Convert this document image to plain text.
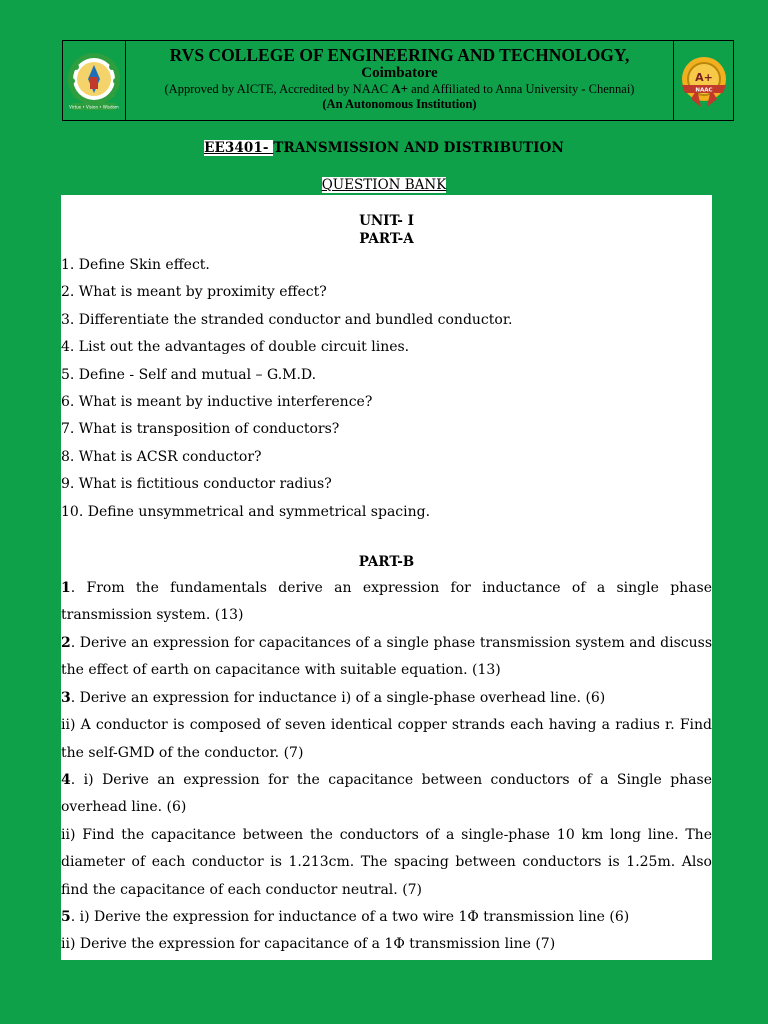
Virtue • Vision • Wisdom
RVS COLLEGE OF ENGINEERING AND TECHNOLOGY,
Coimbatore
(Approved by AICTE, Accredited by NAAC A+ and Affiliated to Anna University - Chennai)
(An Autonomous Institution)
A+
NAAC
EE3401- TRANSMISSION AND DISTRIBUTION
QUESTION BANK
UNIT- I
PART-A
1. Define Skin effect.
2. What is meant by proximity effect?
3. Differentiate the stranded conductor and bundled conductor.
4. List out the advantages of double circuit lines.
5. Define - Self and mutual – G.M.D.
6. What is meant by inductive interference?
7. What is transposition of conductors?
8. What is ACSR conductor?
9. What is fictitious conductor radius?
10. Define unsymmetrical and symmetrical spacing.
PART-B
1. From the fundamentals derive an expression for inductance of a single phase transmission system. (13)
2. Derive an expression for capacitances of a single phase transmission system and discuss the effect of earth on capacitance with suitable equation. (13)
3. Derive an expression for inductance i) of a single-phase overhead line. (6)
ii) A conductor is composed of seven identical copper strands each having a radius r. Find the self-GMD of the conductor. (7)
4. i) Derive an expression for the capacitance between conductors of a Single phase overhead line. (6)
ii) Find the capacitance between the conductors of a single-phase 10 km long line. The diameter of each conductor is 1.213cm. The spacing between conductors is 1.25m. Also find the capacitance of each conductor neutral. (7)
5. i) Derive the expression for inductance of a two wire 1Φ transmission line (6)
ii) Derive the expression for capacitance of a 1Φ transmission line (7)
